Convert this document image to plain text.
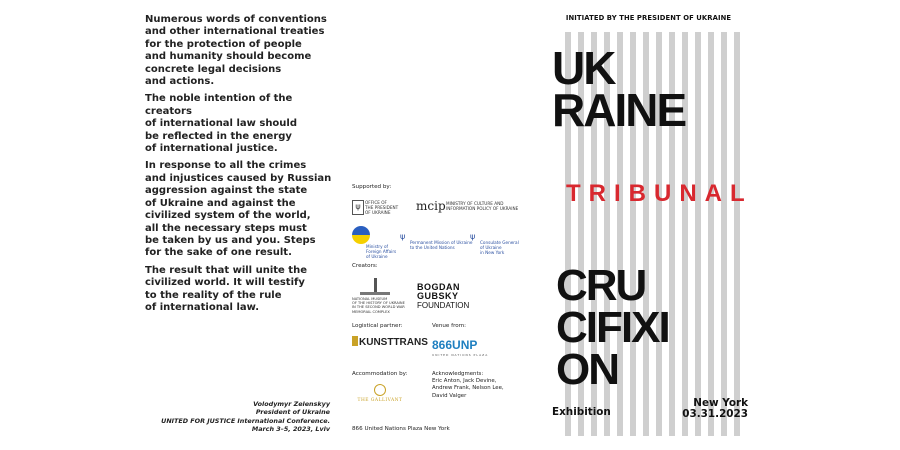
Numerous words of conventions
and other international treaties
for the protection of people
and humanity should become
concrete legal decisions
and actions.

The noble intention of the creators
of international law should
be reflected in the energy
of international justice.

In response to all the crimes
and injustices caused by Russian
aggression against the state
of Ukraine and against the
civilized system of the world,
all the necessary steps must
be taken by us and you. Steps
for the sake of one result.

The result that will unite the
civilized world. It will testify
to the reality of the rule
of international law.

Volodymyr Zelenskyy
President of Ukraine
UNITED FOR JUSTICE International Conference.
March 3–5, 2023, Lviv
Supported by:
ψ	OFFICE OF
THE PRESIDENT
OF UKRAINE	mcip MINISTRY OF CULTURE AND
INFORMATION POLICY OF UKRAINE
Ministry of
Foreign Affairs
of Ukraine
ψ
Permanent Mission of Ukraine
to the United Nations
ψ
Consulate General
of Ukraine
in New York
Creators:
NATIONAL MUSEUM
OF THE HISTORY OF UKRAINE
IN THE SECOND WORLD WAR
MEMORIAL COMPLEX
BOGDAN
GUBSKY
FOUNDATION
Logistical partner:
KUNSTTRANS
Venue from:
866UNP
UNITED NATIONS PLAZA
Accommodation by:
THE GALLIVANT
Acknowledgments:
Eric Anton, Jack Devine,
Andrew Frank, Nelson Lee,
David Valger
866 United Nations Plaza New York
INITIATED BY THE PRESIDENT OF UKRAINE
UK
RAINE
TRIBUNAL
CRU
CIFIXI
ON
Exhibition
New York
03.31.2023
